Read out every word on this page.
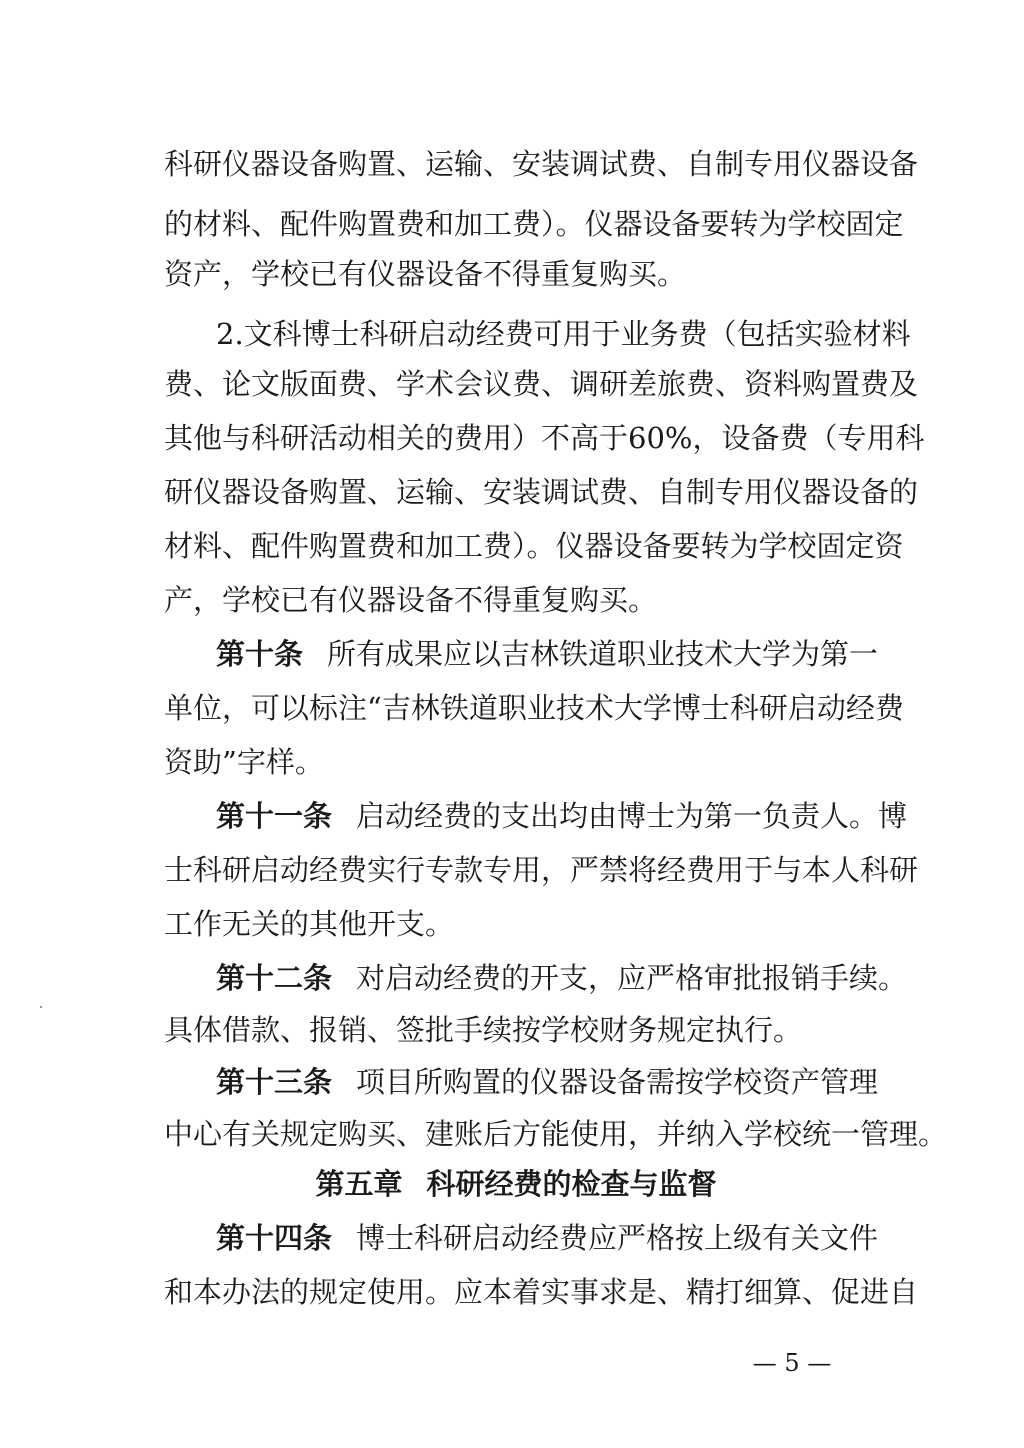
科研仪器设备购置、运输、安装调试费、自制专用仪器设备
的材料、配件购置费和加工费）。仪器设备要转为学校固定
资产，学校已有仪器设备不得重复购买。
2.文科博士科研启动经费可用于业务费（包括实验材料
费、论文版面费、学术会议费、调研差旅费、资料购置费及
其他与科研活动相关的费用）不高于60%，设备费（专用科
研仪器设备购置、运输、安装调试费、自制专用仪器设备的
材料、配件购置费和加工费）。仪器设备要转为学校固定资
产，学校已有仪器设备不得重复购买。
第十条 所有成果应以吉林铁道职业技术大学为第一
单位，可以标注“吉林铁道职业技术大学博士科研启动经费
资助”字样。
第十一条 启动经费的支出均由博士为第一负责人。博
士科研启动经费实行专款专用，严禁将经费用于与本人科研
工作无关的其他开支。
第十二条 对启动经费的开支，应严格审批报销手续。
具体借款、报销、签批手续按学校财务规定执行。
第十三条 项目所购置的仪器设备需按学校资产管理
中心有关规定购买、建账后方能使用，并纳入学校统一管理。
第五章 科研经费的检查与监督
第十四条 博士科研启动经费应严格按上级有关文件
和本办法的规定使用。应本着实事求是、精打细算、促进自
— 5 —
